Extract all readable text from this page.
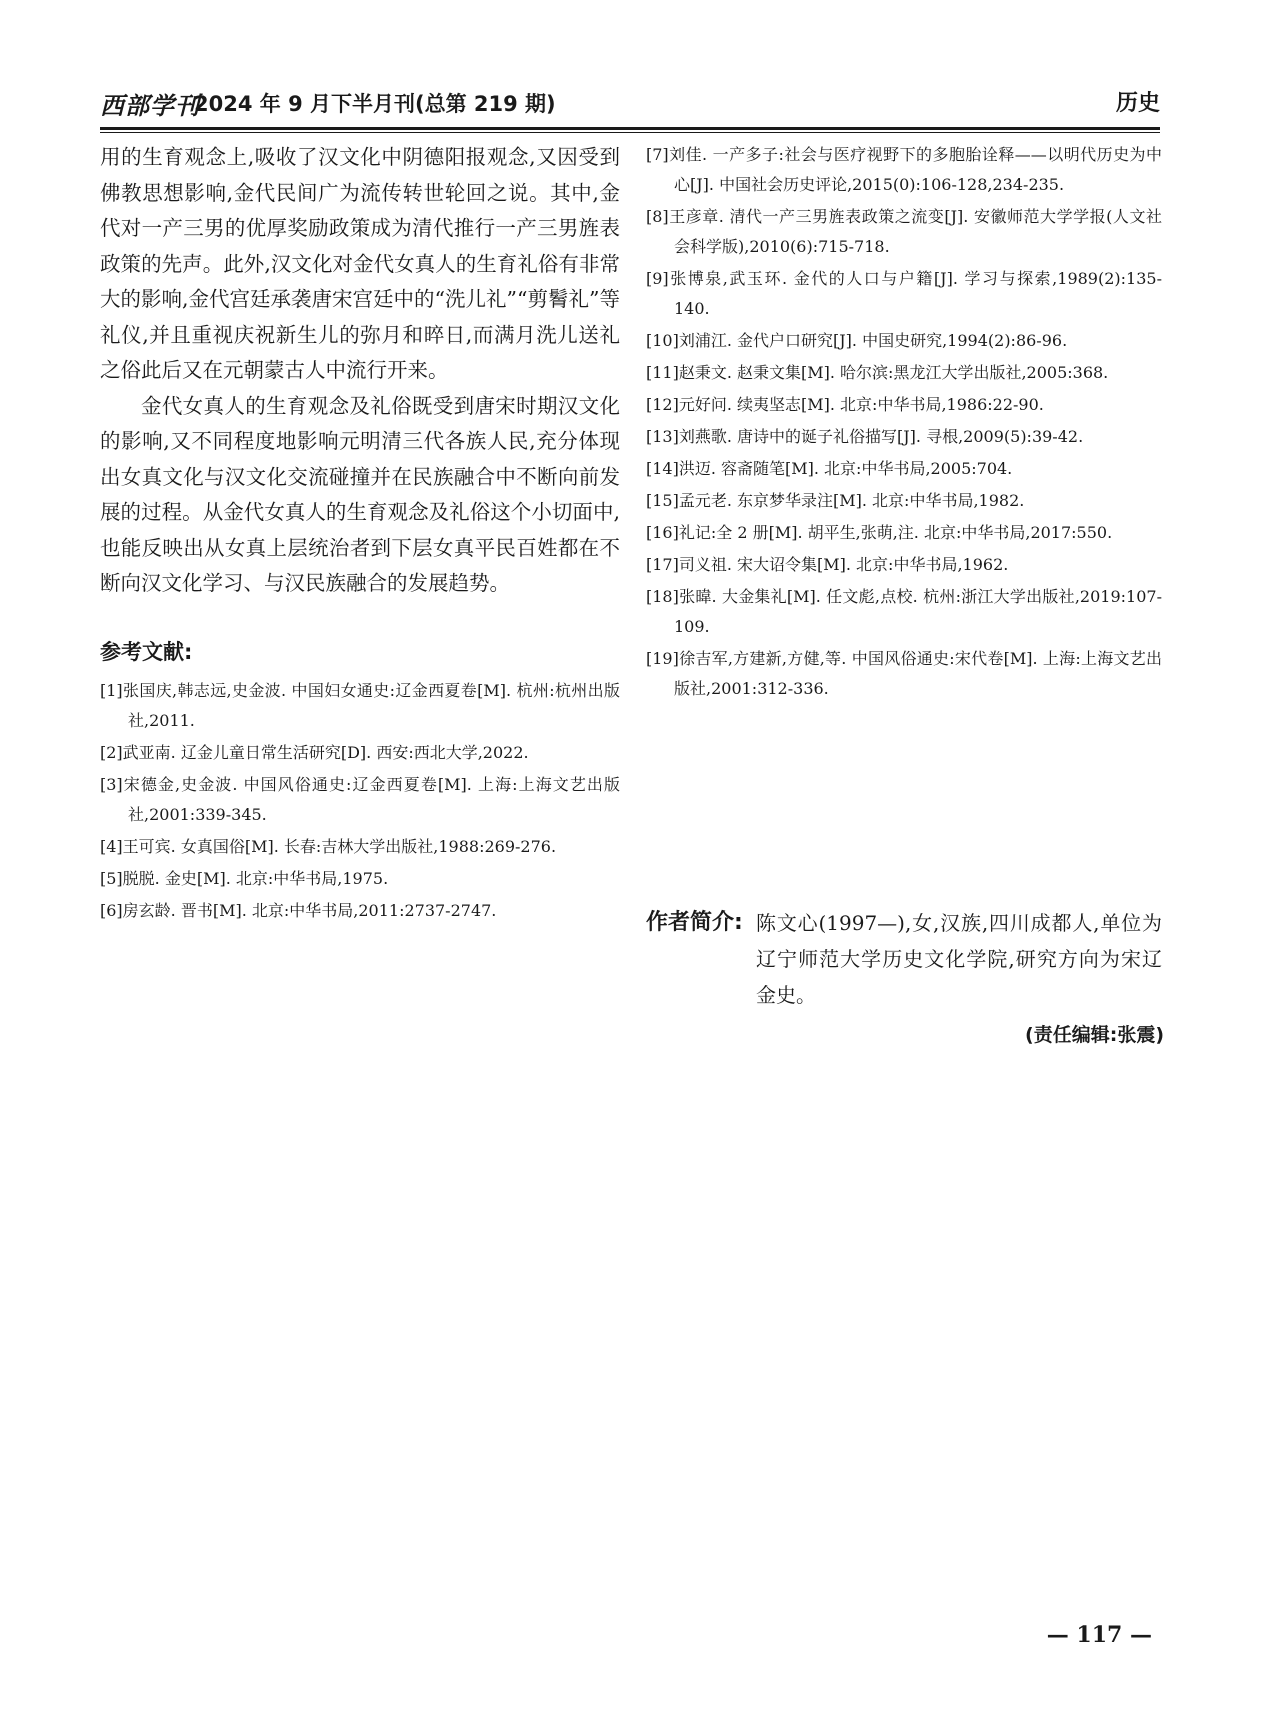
西部学刊
2024 年 9 月下半月刊(总第 219 期)	历史

用的生育观念上,吸收了汉文化中阴德阳报观念,又因受到佛教思想影响,金代民间广为流传转世轮回之说。其中,金代对一产三男的优厚奖励政策成为清代推行一产三男旌表政策的先声。此外,汉文化对金代女真人的生育礼俗有非常大的影响,金代宫廷承袭唐宋宫廷中的“洗儿礼”“剪鬌礼”等礼仪,并且重视庆祝新生儿的弥月和晬日,而满月洗儿送礼之俗此后又在元朝蒙古人中流行开来。

金代女真人的生育观念及礼俗既受到唐宋时期汉文化的影响,又不同程度地影响元明清三代各族人民,充分体现出女真文化与汉文化交流碰撞并在民族融合中不断向前发展的过程。从金代女真人的生育观念及礼俗这个小切面中,也能反映出从女真上层统治者到下层女真平民百姓都在不断向汉文化学习、与汉民族融合的发展趋势。

参考文献:

[1]张国庆,韩志远,史金波. 中国妇女通史:辽金西夏卷[M]. 杭州:杭州出版社,2011.

[2]武亚南. 辽金儿童日常生活研究[D]. 西安:西北大学,2022.

[3]宋德金,史金波. 中国风俗通史:辽金西夏卷[M]. 上海:上海文艺出版社,2001:339-345.

[4]王可宾. 女真国俗[M]. 长春:吉林大学出版社,1988:269-276.

[5]脱脱. 金史[M]. 北京:中华书局,1975.

[6]房玄龄. 晋书[M]. 北京:中华书局,2011:2737-2747.

[7]刘佳. 一产多子:社会与医疗视野下的多胞胎诠释——以明代历史为中心[J]. 中国社会历史评论,2015(0):106-128,234-235.

[8]王彦章. 清代一产三男旌表政策之流变[J]. 安徽师范大学学报(人文社会科学版),2010(6):715-718.

[9]张博泉,武玉环. 金代的人口与户籍[J]. 学习与探索,1989(2):135-140.

[10]刘浦江. 金代户口研究[J]. 中国史研究,1994(2):86-96.

[11]赵秉文. 赵秉文集[M]. 哈尔滨:黑龙江大学出版社,2005:368.

[12]元好问. 续夷坚志[M]. 北京:中华书局,1986:22-90.

[13]刘燕歌. 唐诗中的诞子礼俗描写[J]. 寻根,2009(5):39-42.

[14]洪迈. 容斋随笔[M]. 北京:中华书局,2005:704.

[15]孟元老. 东京梦华录注[M]. 北京:中华书局,1982.

[16]礼记:全 2 册[M]. 胡平生,张萌,注. 北京:中华书局,2017:550.

[17]司义祖. 宋大诏令集[M]. 北京:中华书局,1962.

[18]张暐. 大金集礼[M]. 任文彪,点校. 杭州:浙江大学出版社,2019:107-109.

[19]徐吉军,方建新,方健,等. 中国风俗通史:宋代卷[M]. 上海:上海文艺出版社,2001:312-336.

作者简介: 陈文心(1997—),女,汉族,四川成都人,单位为辽宁师范大学历史文化学院,研究方向为宋辽金史。

(责任编辑:张震)
— 117 —
